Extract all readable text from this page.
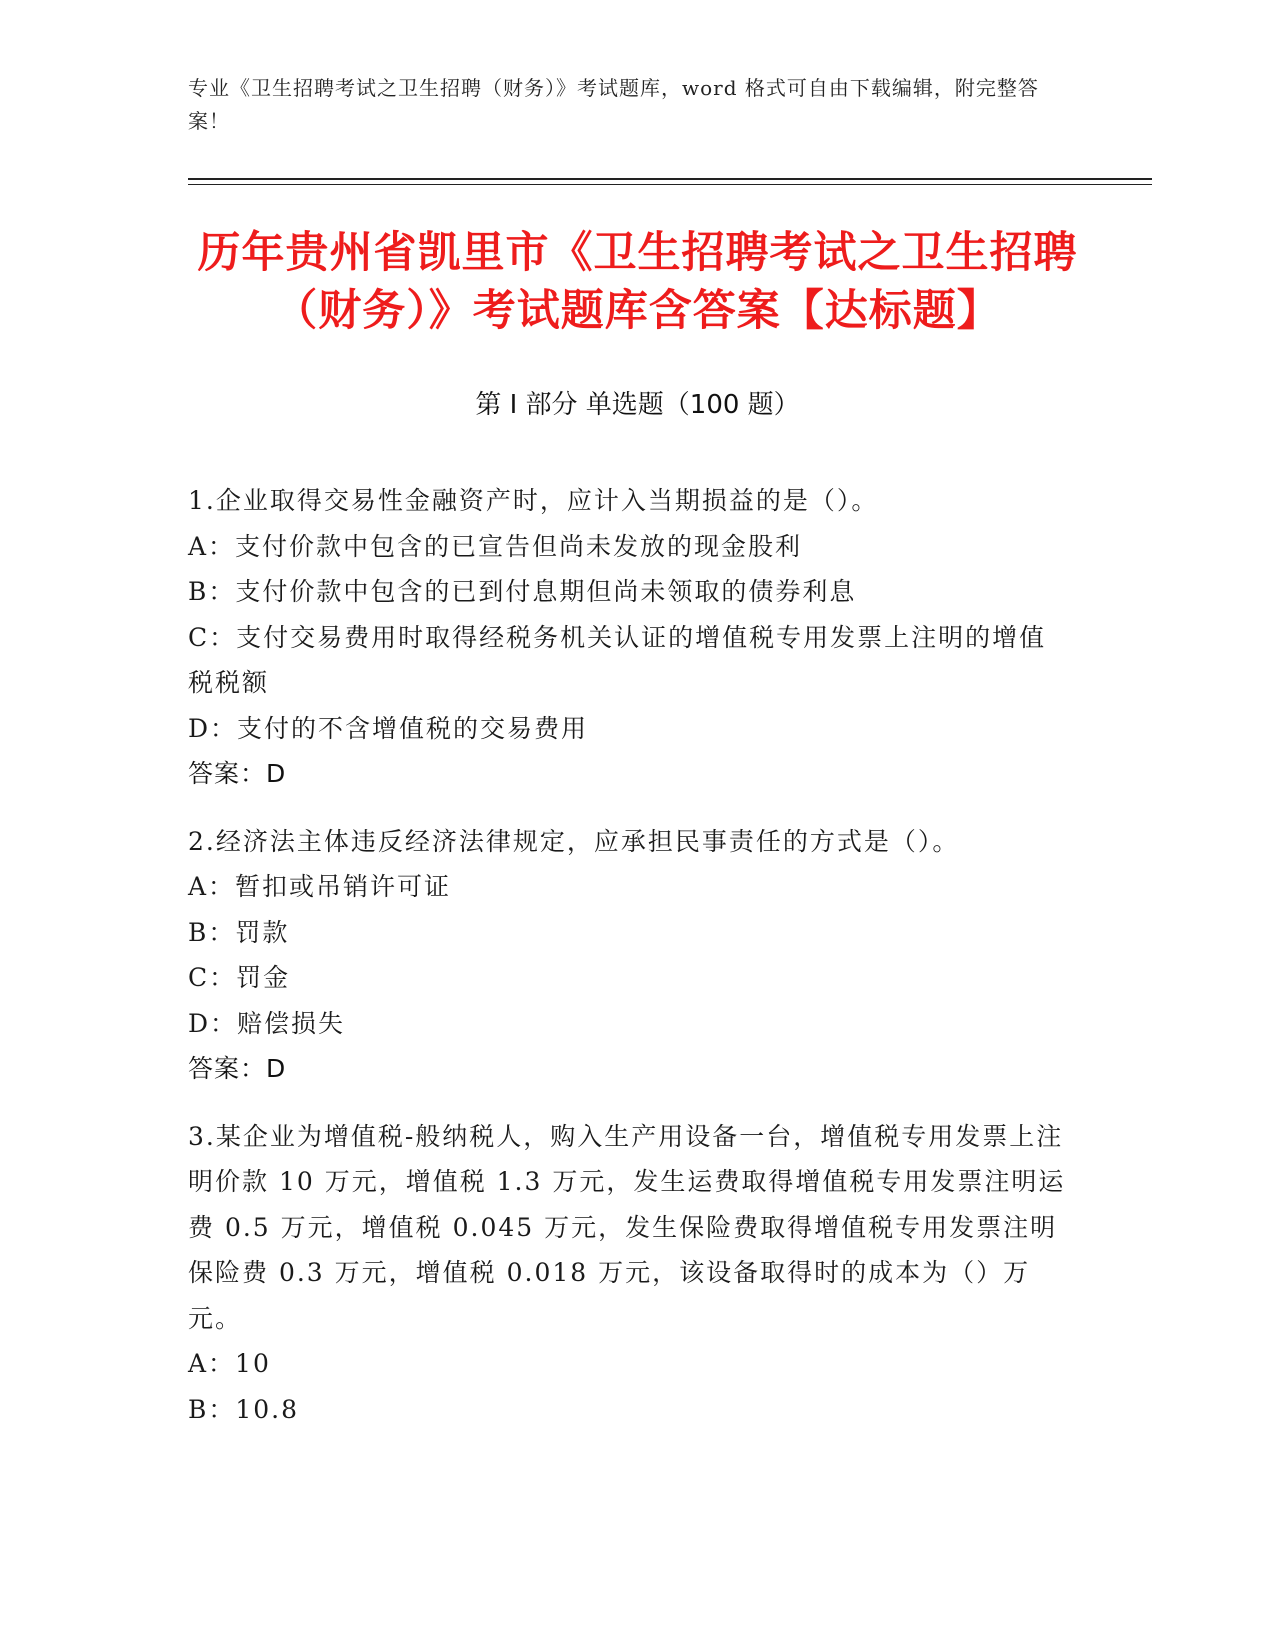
专业《卫生招聘考试之卫生招聘（财务）》考试题库，word 格式可自由下载编辑，附完整答案！
历年贵州省凯里市《卫生招聘考试之卫生招聘（财务）》考试题库含答案【达标题】
第 I 部分 单选题（100 题）
1.企业取得交易性金融资产时，应计入当期损益的是（）。
A：支付价款中包含的已宣告但尚未发放的现金股利
B：支付价款中包含的已到付息期但尚未领取的债券利息
C：支付交易费用时取得经税务机关认证的增值税专用发票上注明的增值税税额
D：支付的不含增值税的交易费用
答案：D
2.经济法主体违反经济法律规定，应承担民事责任的方式是（）。
A：暂扣或吊销许可证
B：罚款
C：罚金
D：赔偿损失
答案：D
3.某企业为增值税-般纳税人，购入生产用设备一台，增值税专用发票上注明价款 10 万元，增值税 1.3 万元，发生运费取得增值税专用发票注明运费 0.5 万元，增值税 0.045 万元，发生保险费取得增值税专用发票注明保险费 0.3 万元，增值税 0.018 万元，该设备取得时的成本为（）万元。
A：10
B：10.8
